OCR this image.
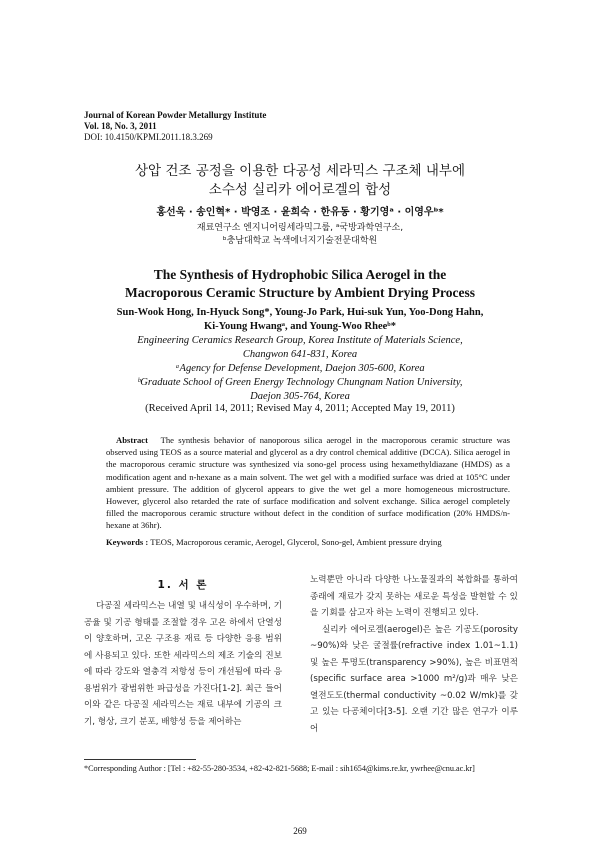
Journal of Korean Powder Metallurgy Institute
Vol. 18, No. 3, 2011
DOI: 10.4150/KPMI.2011.18.3.269
상압 건조 공정을 이용한 다공성 세라믹스 구조체 내부에
소수성 실리카 에어로겔의 합성
홍선욱 · 송인혁* · 박영조 · 윤희숙 · 한유동 · 황기영ᵃ · 이영우ᵇ*
재료연구소 엔지니어링세라믹그룹, ᵃ국방과학연구소,
ᵇ충남대학교 녹색에너지기술전문대학원
The Synthesis of Hydrophobic Silica Aerogel in the
Macroporous Ceramic Structure by Ambient Drying Process
Sun-Wook Hong, In-Hyuck Song*, Young-Jo Park, Hui-suk Yun, Yoo-Dong Hahn,
Ki-Young Hwangᵃ, and Young-Woo Rheeᵇ*
Engineering Ceramics Research Group, Korea Institute of Materials Science,
Changwon 641-831, Korea
ᵃAgency for Defense Development, Daejon 305-600, Korea
ᵇGraduate School of Green Energy Technology Chungnam Nation University,
Daejon 305-764, Korea
(Received April 14, 2011; Revised May 4, 2011; Accepted May 19, 2011)
Abstract The synthesis behavior of nanoporous silica aerogel in the macroporous ceramic structure was observed using TEOS as a source material and glycerol as a dry control chemical additive (DCCA). Silica aerogel in the macroporous ceramic structure was synthesized via sono-gel process using hexamethyldiazane (HMDS) as a modification agent and n-hexane as a main solvent. The wet gel with a modified surface was dried at 105°C under ambient pressure. The addition of glycerol appears to give the wet gel a more homogeneous microstructure. However, glycerol also retarded the rate of surface modification and solvent exchange. Silica aerogel completely filled the macroporous ceramic structure without defect in the condition of surface modification (20% HMDS/n-hexane at 36hr).
Keywords : TEOS, Macroporous ceramic, Aerogel, Glycerol, Sono-gel, Ambient pressure drying
1. 서 론
다공질 세라믹스는 내열 및 내식성이 우수하며, 기공율 및 기공 형태를 조절할 경우 고온 하에서 단열성이 양호하며, 고온 구조용 재료 등 다양한 응용 범위에 사용되고 있다. 또한 세라믹스의 제조 기술의 진보에 따라 강도와 열충격 저항성 등이 개선됨에 따라 응용범위가 광범위한 파급성을 가진다[1-2]. 최근 들어 이와 같은 다공질 세라믹스는 재료 내부에 기공의 크기, 형상, 크기 분포, 배향성 등을 제어하는

노력뿐만 아니라 다양한 나노물질과의 복합화를 통하여 종래에 재료가 갖지 못하는 새로운 특성을 발현할 수 있을 기회를 삼고자 하는 노력이 진행되고 있다.

실리카 에어로겔(aerogel)은 높은 기공도(porosity ~90%)와 낮은 굴절률(refractive index 1.01~1.1) 및 높은 투명도(transparency >90%), 높은 비표면적(specific surface area >1000 m²/g)과 매우 낮은 열전도도(thermal conductivity ~0.02 W/mk)를 갖고 있는 다공체이다[3-5]. 오랜 기간 많은 연구가 이루어

*Corresponding Author : [Tel : +82-55-280-3534, +82-42-821-5688; E-mail : sih1654@kims.re.kr, ywrhee@cnu.ac.kr]
269
